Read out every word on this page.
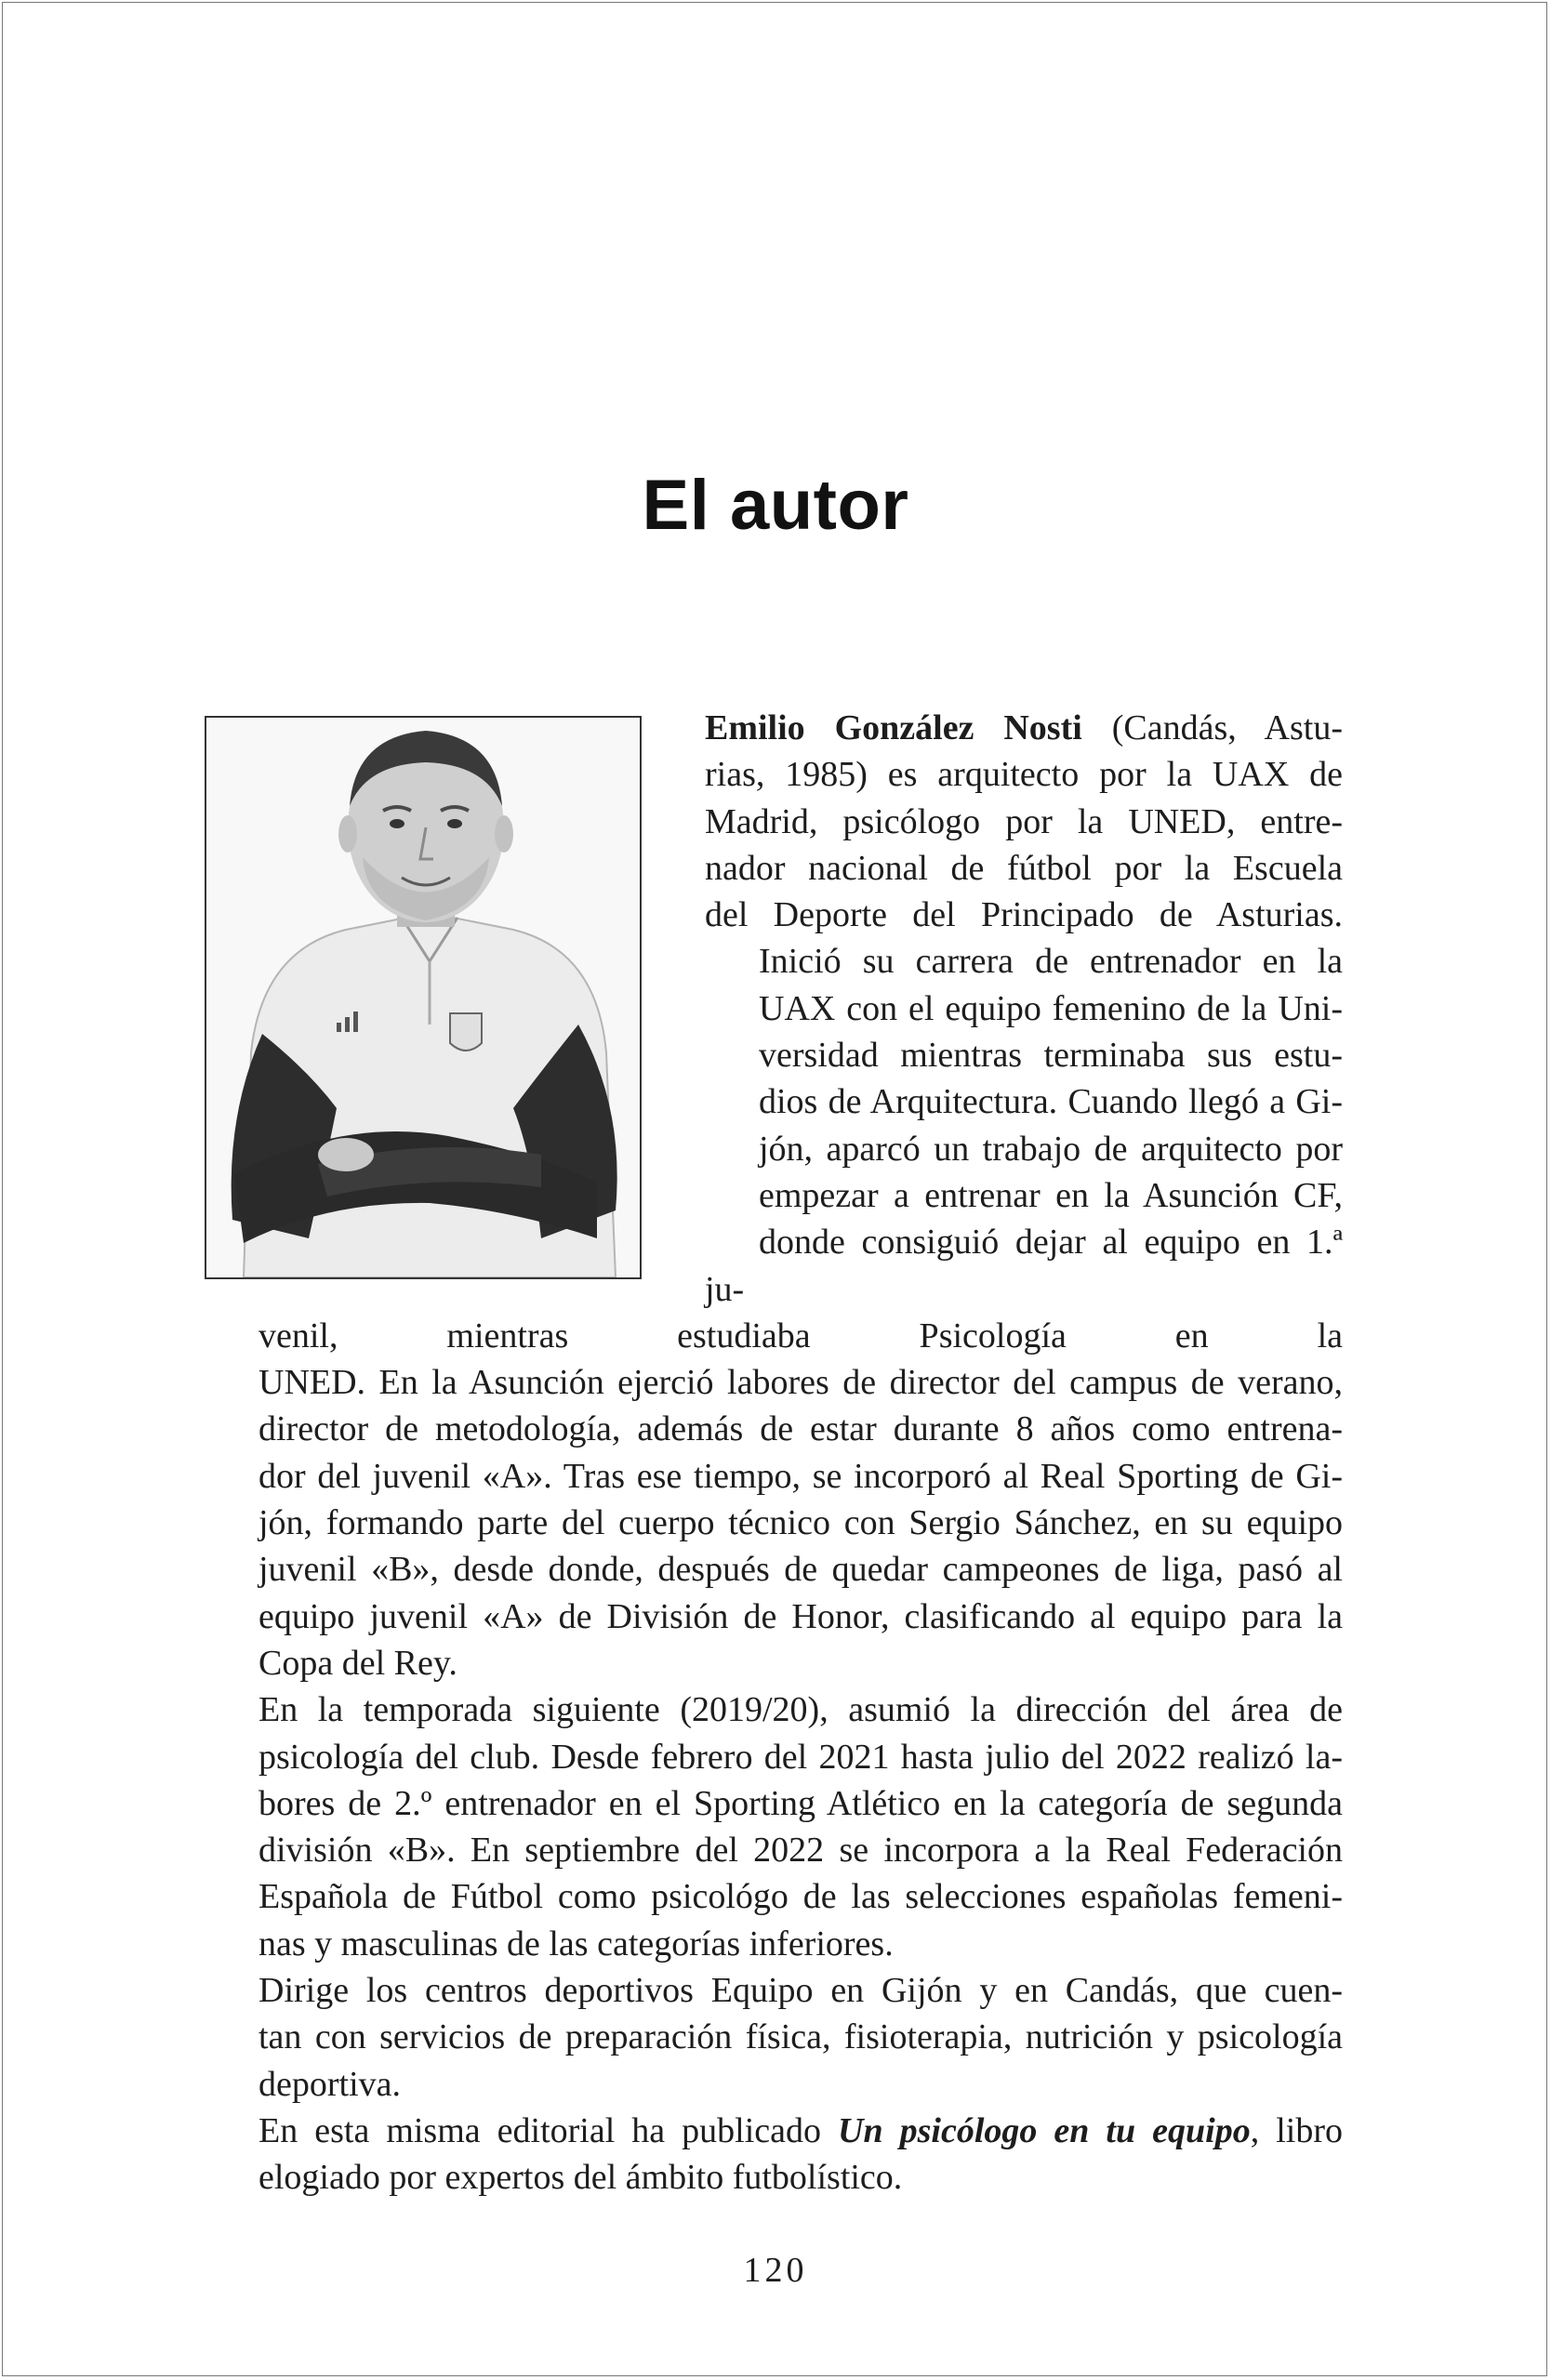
El autor

Emilio González Nosti (Candás, Astu-
rias, 1985) es arquitecto por la UAX de
Madrid, psicólogo por la UNED, entre-
nador nacional de fútbol por la Escuela
del Deporte del Principado de Asturias.

Inició su carrera de entrenador en la
UAX con el equipo femenino de la Uni-
versidad mientras terminaba sus estu-
dios de Arquitectura. Cuando llegó a Gi-
jón, aparcó un trabajo de arquitecto por
empezar a entrenar en la Asunción CF,
donde consiguió dejar al equipo en 1.ª ju-
venil, mientras estudiaba Psicología en la
UNED. En la Asunción ejerció labores de director del campus de verano,
director de metodología, además de estar durante 8 años como entrena-
dor del juvenil «A». Tras ese tiempo, se incorporó al Real Sporting de Gi-
jón, formando parte del cuerpo técnico con Sergio Sánchez, en su equipo
juvenil «B», desde donde, después de quedar campeones de liga, pasó al
equipo juvenil «A» de División de Honor, clasificando al equipo para la
Copa del Rey.

En la temporada siguiente (2019/20), asumió la dirección del área de
psicología del club. Desde febrero del 2021 hasta julio del 2022 realizó la-
bores de 2.º entrenador en el Sporting Atlético en la categoría de segunda
división «B». En septiembre del 2022 se incorpora a la Real Federación
Española de Fútbol como psicológo de las selecciones españolas femeni-
nas y masculinas de las categorías inferiores.

Dirige los centros deportivos Equipo en Gijón y en Candás, que cuen-
tan con servicios de preparación física, fisioterapia, nutrición y psicología
deportiva.

En esta misma editorial ha publicado Un psicólogo en tu equipo, libro
elogiado por expertos del ámbito futbolístico.

120
